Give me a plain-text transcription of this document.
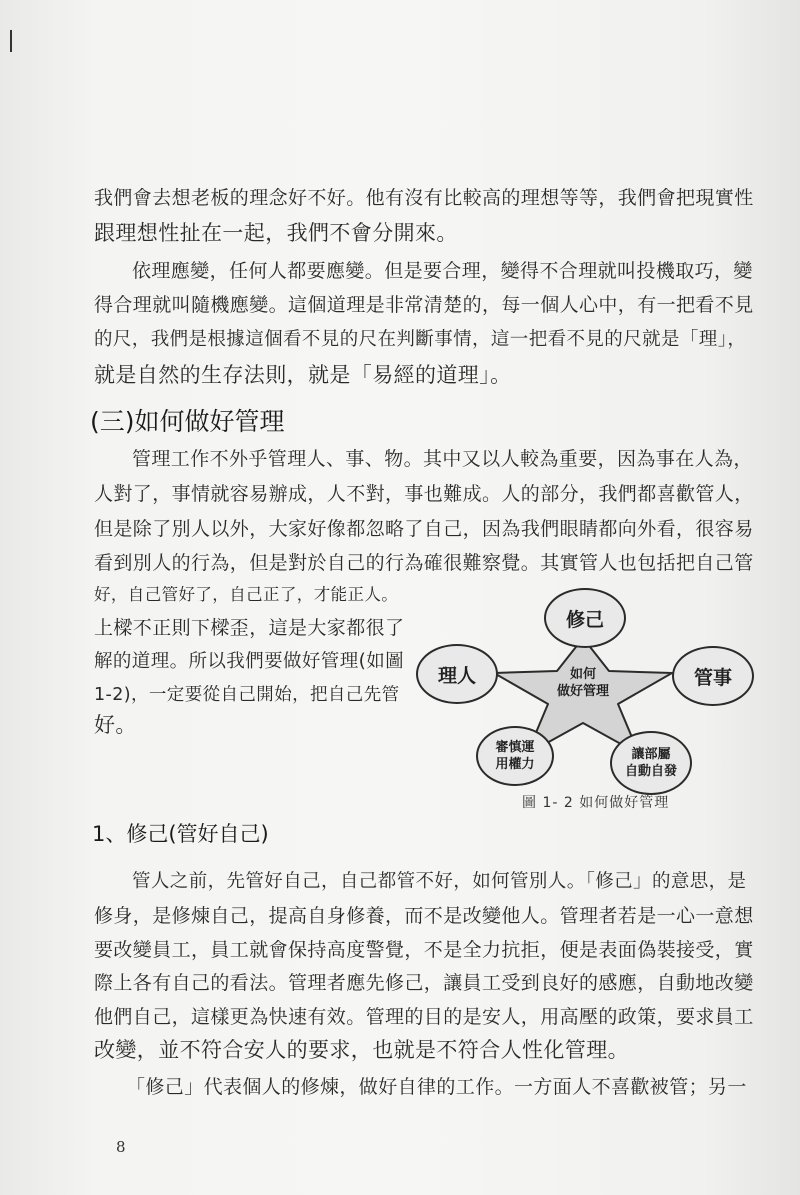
我們會去想老板的理念好不好。他有沒有比較高的理想等等，我們會把現實性
跟理想性扯在一起，我們不會分開來。
依理應變，任何人都要應變。但是要合理，變得不合理就叫投機取巧，變
得合理就叫隨機應變。這個道理是非常清楚的，每一個人心中，有一把看不見
的尺，我們是根據這個看不見的尺在判斷事情，這一把看不見的尺就是「理」，
就是自然的生存法則，就是「易經的道理」。
(三)如何做好管理
管理工作不外乎管理人、事、物。其中又以人較為重要，因為事在人為，
人對了，事情就容易辦成，人不對，事也難成。人的部分，我們都喜歡管人，
但是除了別人以外，大家好像都忽略了自己，因為我們眼睛都向外看，很容易
看到別人的行為，但是對於自己的行為確很難察覺。其實管人也包括把自己管
好，自己管好了，自己正了，才能正人。
上樑不正則下樑歪，這是大家都很了
解的道理。所以我們要做好管理(如圖
1-2)，一定要從自己開始，把自己先管
好。
修己
理人	管事
審慎運
用權力
讓部屬
自動自發
如何
做好管理
圖 1- 2 如何做好管理
1、修己(管好自己)
管人之前，先管好自己，自己都管不好，如何管別人。「修己」的意思，是
修身，是修煉自己，提高自身修養，而不是改變他人。管理者若是一心一意想
要改變員工，員工就會保持高度警覺，不是全力抗拒，便是表面偽裝接受，實
際上各有自己的看法。管理者應先修己，讓員工受到良好的感應，自動地改變
他們自己，這樣更為快速有效。管理的目的是安人，用高壓的政策，要求員工
改變，並不符合安人的要求，也就是不符合人性化管理。
「修己」代表個人的修煉，做好自律的工作。一方面人不喜歡被管；另一
8
